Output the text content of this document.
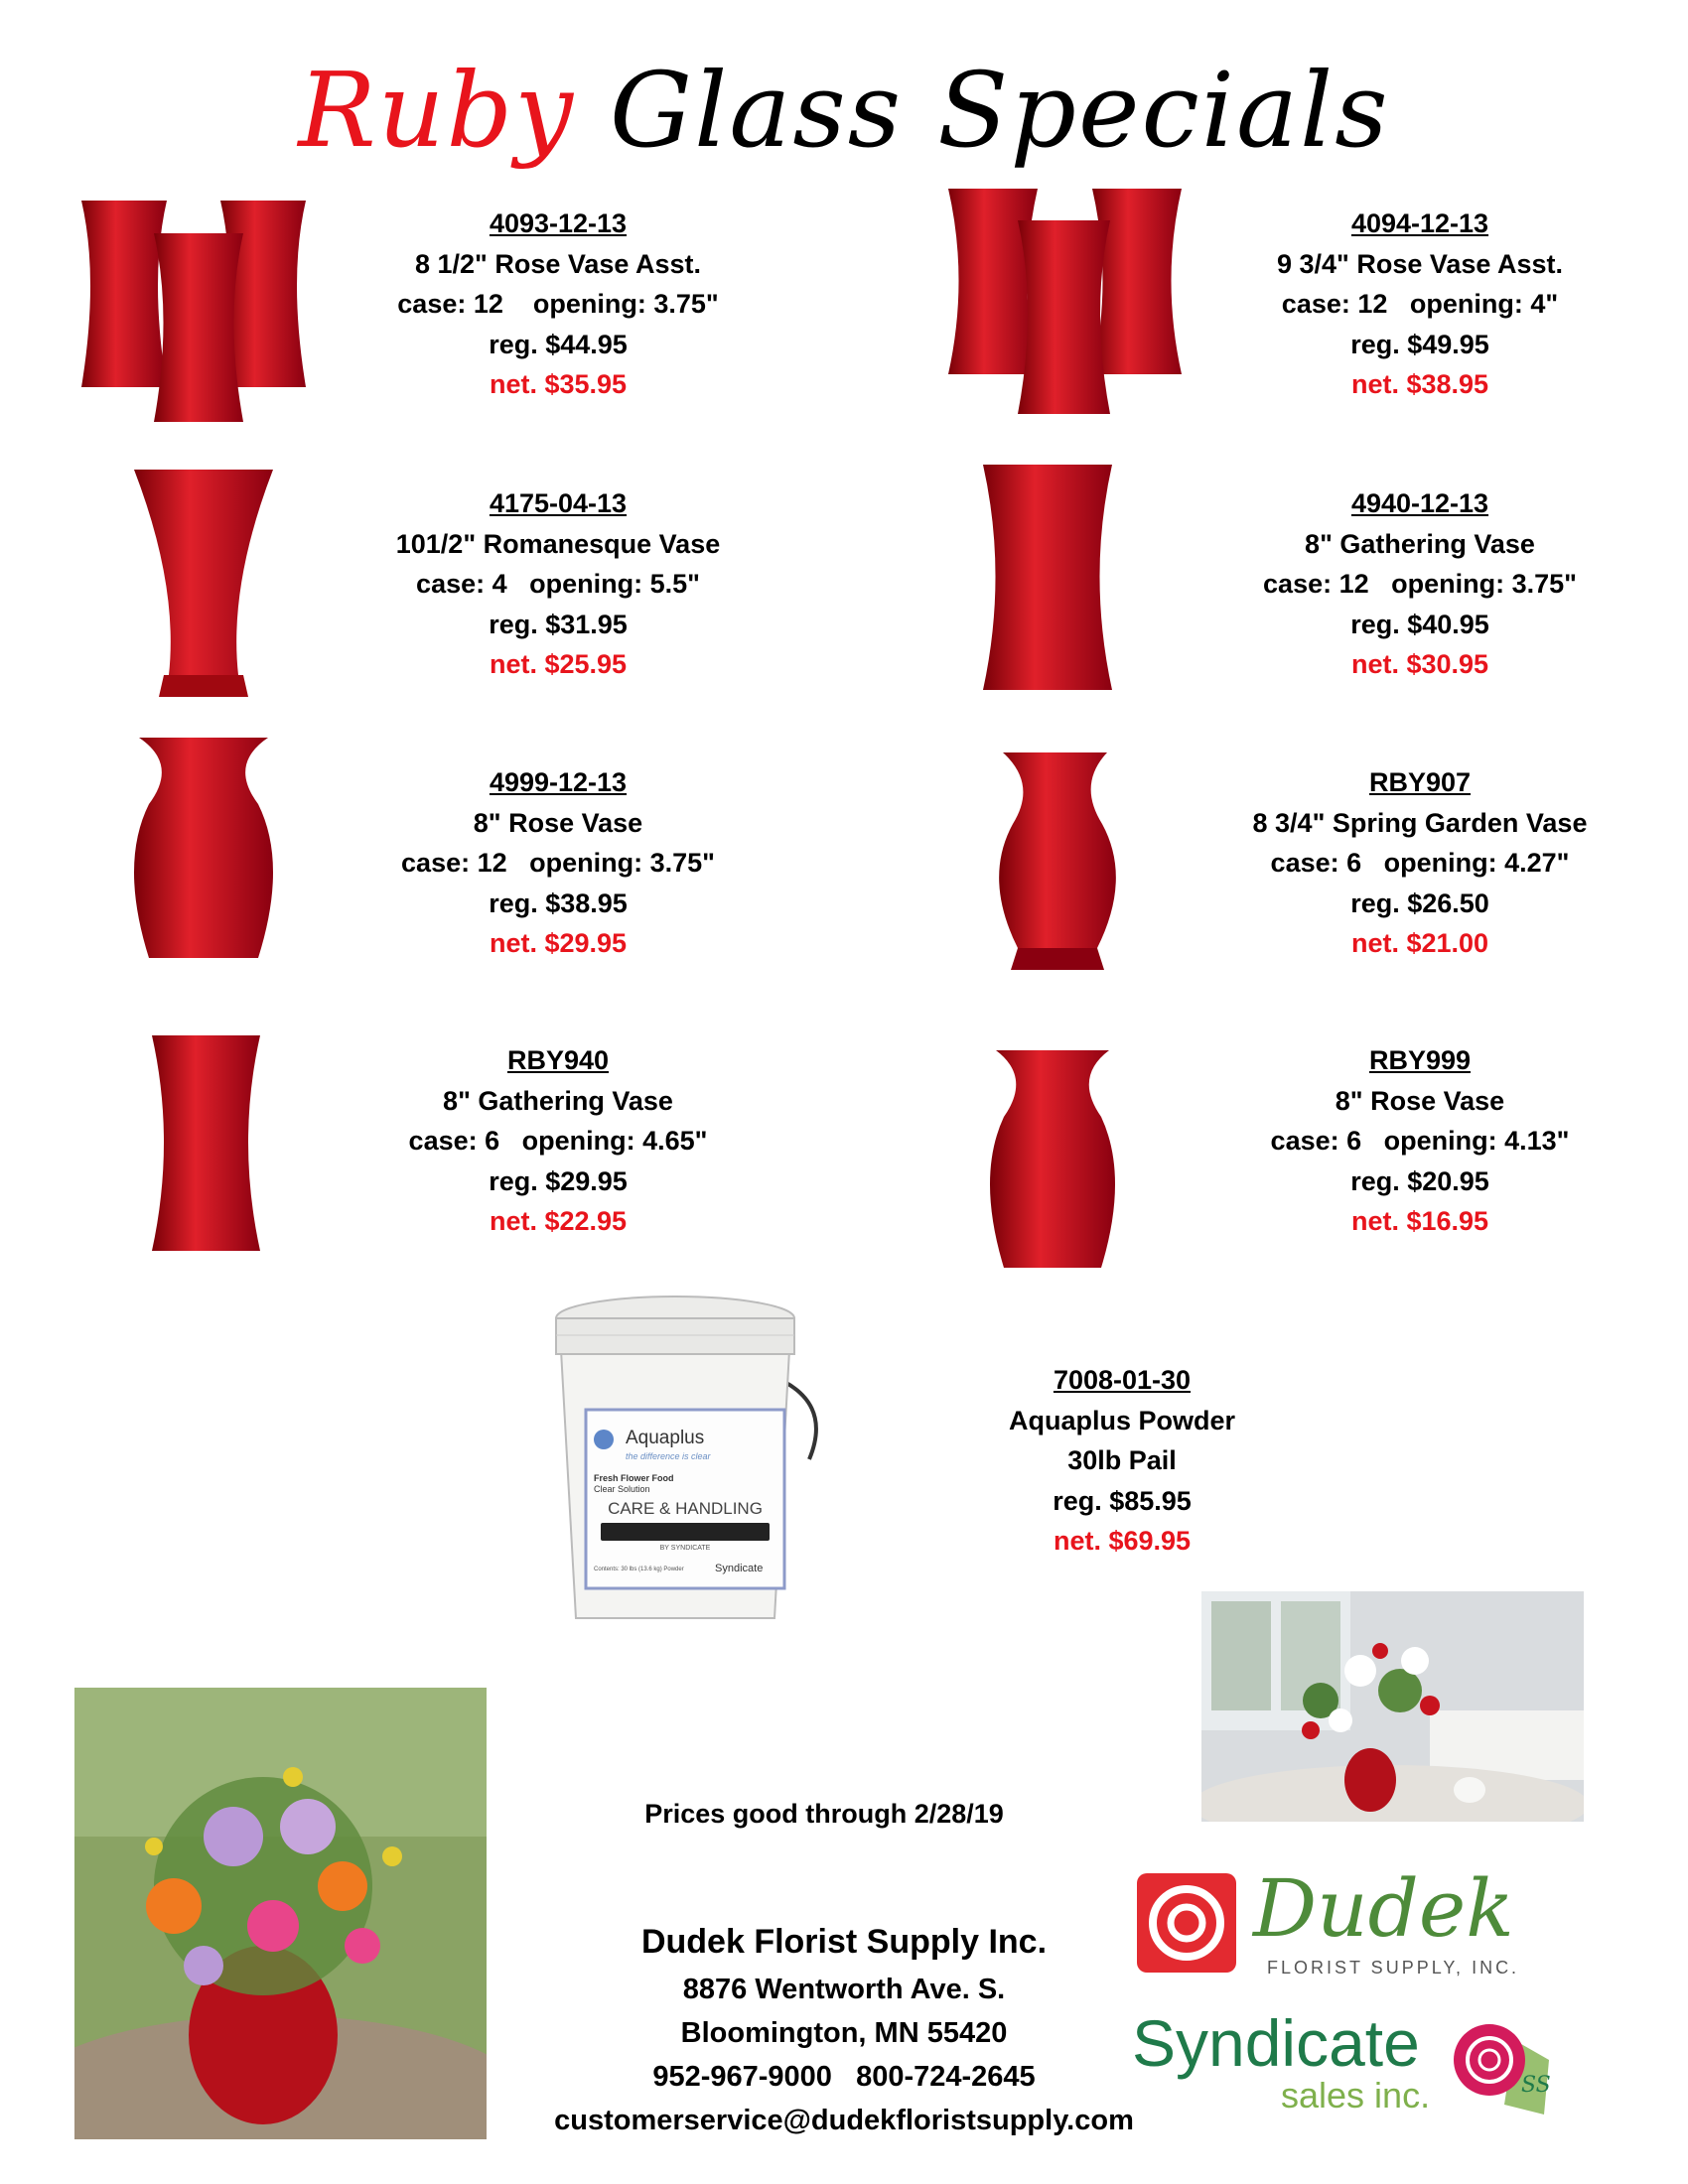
Ruby Glass Specials
4093-12-13
8 1/2" Rose Vase Asst.
case: 12    opening: 3.75"
reg. $44.95
net. $35.95
4094-12-13
9 3/4" Rose Vase Asst.
case: 12   opening: 4"
reg. $49.95
net. $38.95
4175-04-13
101/2" Romanesque Vase
case: 4   opening: 5.5"
reg. $31.95
net. $25.95
4940-12-13
8" Gathering Vase
case: 12   opening: 3.75"
reg. $40.95
net. $30.95
4999-12-13
8" Rose Vase
case: 12   opening: 3.75"
reg. $38.95
net. $29.95
RBY907
8 3/4" Spring Garden Vase
case: 6   opening: 4.27"
reg. $26.50
net. $21.00
RBY940
8" Gathering Vase
case: 6   opening: 4.65"
reg. $29.95
net. $22.95
RBY999
8" Rose Vase
case: 6   opening: 4.13"
reg. $20.95
net. $16.95
Aquaplus
the difference is clear
Fresh Flower Food
Clear Solution
CARE & HANDLING
BY SYNDICATE
Contents: 30 lbs (13.6 kg) Powder	Syndicate
7008-01-30
Aquaplus Powder
30lb Pail
reg. $85.95
net. $69.95
Prices good through 2/28/19
Dudek Florist Supply Inc.
8876 Wentworth Ave. S.
Bloomington, MN 55420
952-967-9000   800-724-2645
customerservice@dudekfloristsupply.com
Dudek
FLORIST SUPPLY, INC.
Syndicate
sales inc.	SS
